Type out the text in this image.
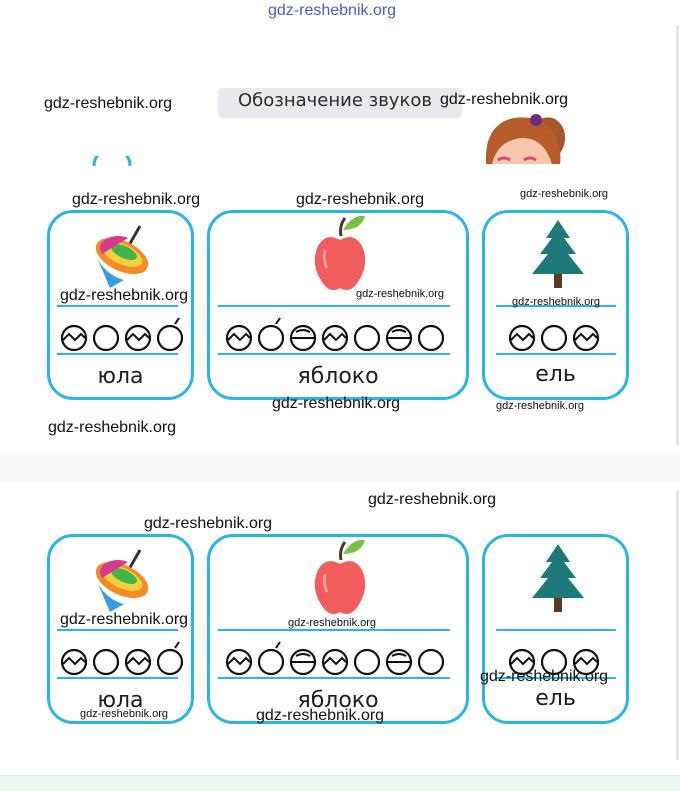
gdz-reshebnik.org
Обозначение звуков
юла	яблоко	ель
юла	яблоко	ель
gdz-reshebnik.org	gdz-reshebnik.org
gdz-reshebnik.org	gdz-reshebnik.org	gdz-reshebnik.org
gdz-reshebnik.org	gdz-reshebnik.org
gdz-reshebnik.org
gdz-reshebnik.org	gdz-reshebnik.org
gdz-reshebnik.org
gdz-reshebnik.org
gdz-reshebnik.org
gdz-reshebnik.org	gdz-reshebnik.org
gdz-reshebnik.org
gdz-reshebnik.org	gdz-reshebnik.org
